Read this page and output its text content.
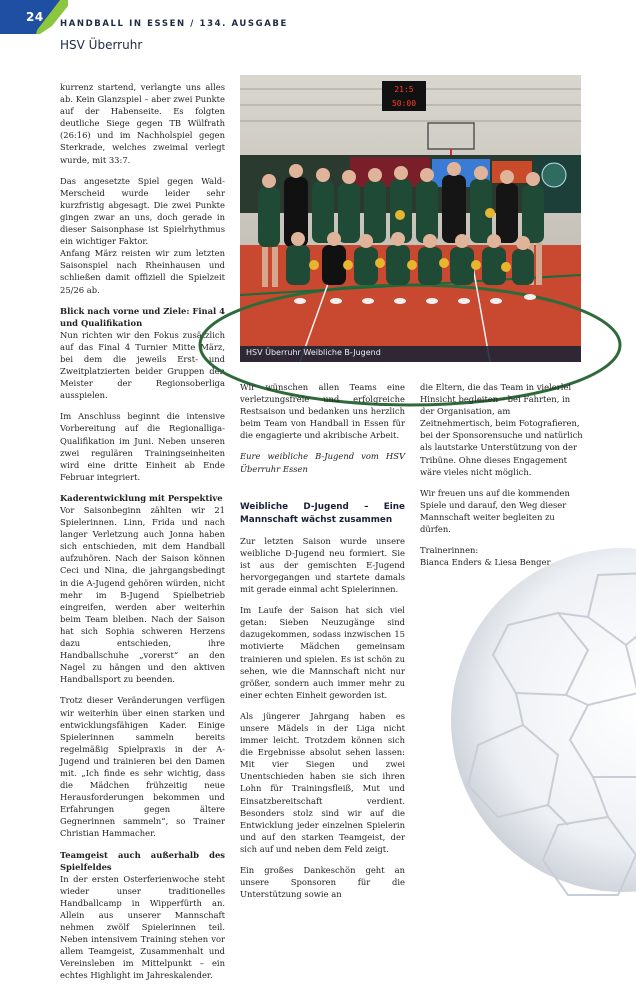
24 HANDBALL IN ESSEN / 134. AUSGABE
HSV Überruhr

kurrenz startend, verlangte uns alles ab. Kein Glanzspiel – aber zwei Punkte auf der Habenseite. Es folgten deutliche Siege gegen TB Wülfrath (26:16) und im Nachholspiel gegen Sterkrade, welches zweimal verlegt wurde, mit 33:7.

Das angesetzte Spiel gegen Wald-Merscheid wurde leider sehr kurzfristig abgesagt. Die zwei Punkte gingen zwar an uns, doch gerade in dieser Saisonphase ist Spielrhythmus ein wichtiger Faktor.

Anfang März reisten wir zum letzten Saisonspiel nach Rheinhausen und schließen damit offiziell die Spielzeit 25/26 ab.

Blick nach vorne und Ziele: Final 4 und Qualifikation

Nun richten wir den Fokus zusätzlich auf das Final 4 Turnier Mitte März, bei dem die jeweils Erst- und Zweitplatzierten beider Gruppen den Meister der Regionsoberliga ausspielen.

Im Anschluss beginnt die intensive Vorbereitung auf die Regionalliga-Qualifikation im Juni. Neben unseren zwei regulären Trainingseinheiten wird eine dritte Einheit ab Ende Februar integriert.

Kaderentwicklung mit Perspektive

Vor Saisonbeginn zählten wir 21 Spielerinnen. Linn, Frida und nach langer Verletzung auch Jonna haben sich entschieden, mit dem Handball aufzuhören. Nach der Saison können Ceci und Nina, die jahrgangsbedingt in die A-Jugend gehören würden, nicht mehr im B-Jugend Spielbetrieb eingreifen, werden aber weiterhin beim Team bleiben. Nach der Saison hat sich Sophia schweren Herzens dazu entschieden, ihre Handballschuhe „vorerst“ an den Nagel zu hängen und den aktiven Handballsport zu beenden.

Trotz dieser Veränderungen verfügen wir weiterhin über einen starken und entwicklungsfähigen Kader. Einige Spielerinnen sammeln bereits regelmäßig Spielpraxis in der A-Jugend und trainieren bei den Damen mit. „Ich finde es sehr wichtig, dass die Mädchen frühzeitig neue Herausforderungen bekommen und Erfahrungen gegen ältere Gegnerinnen sammeln“, so Trainer Christian Hammacher.

Teamgeist auch außerhalb des Spielfeldes

In der ersten Osterferienwoche steht wieder unser traditionelles Handballcamp in Wipperfürth an. Allein aus unserer Mannschaft nehmen zwölf Spielerinnen teil. Neben intensivem Training stehen vor allem Teamgeist, Zusammenhalt und Vereinsleben im Mittelpunkt – ein echtes Highlight im Jahreskalender.

21:5
50:00
HSV Überruhr Weibliche B-Jugend

Wir wünschen allen Teams eine verletzungsfreie und erfolgreiche Restsaison und bedanken uns herzlich beim Team von Handball in Essen für die engagierte und akribische Arbeit.

Eure weibliche B-Jugend vom HSV Überruhr Essen

Weibliche D-Jugend – Eine Mannschaft wächst zusammen

Zur letzten Saison wurde unsere weibliche D-Jugend neu formiert. Sie ist aus der gemischten E-Jugend hervorgegangen und startete damals mit gerade einmal acht Spielerinnen.

Im Laufe der Saison hat sich viel getan: Sieben Neuzugänge sind dazugekommen, sodass inzwischen 15 motivierte Mädchen gemeinsam trainieren und spielen. Es ist schön zu sehen, wie die Mannschaft nicht nur größer, sondern auch immer mehr zu einer echten Einheit geworden ist.

Als jüngerer Jahrgang haben es unsere Mädels in der Liga nicht immer leicht. Trotzdem können sich die Ergebnisse absolut sehen lassen: Mit vier Siegen und zwei Unentschieden haben sie sich ihren Lohn für Trainingsfleiß, Mut und Einsatzbereitschaft verdient. Besonders stolz sind wir auf die Entwicklung jeder einzelnen Spielerin und auf den starken Teamgeist, der sich auf und neben dem Feld zeigt.

Ein großes Dankeschön geht an unsere Sponsoren für die Unterstützung sowie an

die Eltern, die das Team in vielerlei Hinsicht begleiten – bei Fahrten, in der Organisation, am Zeitnehmertisch, beim Fotografieren, bei der Sponsorensuche und natürlich als lautstarke Unterstützung von der Tribüne. Ohne dieses Engagement wäre vieles nicht möglich.

Wir freuen uns auf die kommenden Spiele und darauf, den Weg dieser Mannschaft weiter begleiten zu dürfen.

Trainerinnen:

Bianca Enders & Liesa Benger
